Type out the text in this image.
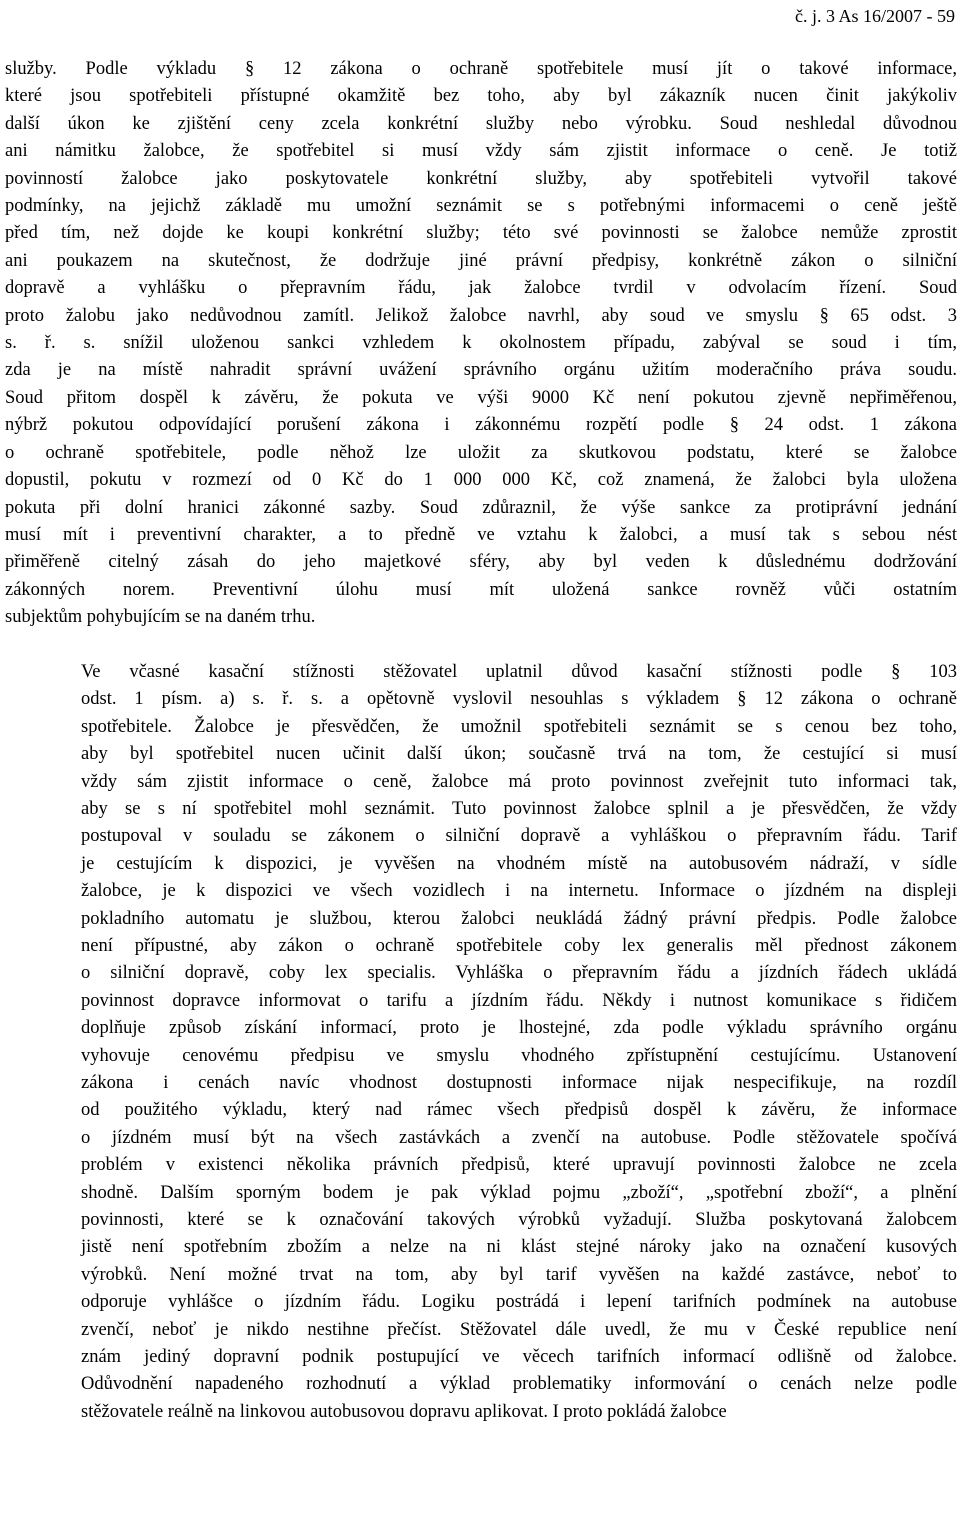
č. j. 3 As 16/2007 - 59

služby. Podle výkladu § 12 zákona o ochraně spotřebitele musí jít o takové informace,
které jsou spotřebiteli přístupné okamžitě bez toho, aby byl zákazník nucen činit jakýkoliv
další úkon ke zjištění ceny zcela konkrétní služby nebo výrobku. Soud neshledal důvodnou
ani námitku žalobce, že spotřebitel si musí vždy sám zjistit informace o ceně. Je totiž
povinností žalobce jako poskytovatele konkrétní služby, aby spotřebiteli vytvořil takové
podmínky, na jejichž základě mu umožní seznámit se s potřebnými informacemi o ceně ještě
před tím, než dojde ke koupi konkrétní služby; této své povinnosti se žalobce nemůže zprostit
ani poukazem na skutečnost, že dodržuje jiné právní předpisy, konkrétně zákon o silniční
dopravě a vyhlášku o přepravním řádu, jak žalobce tvrdil v odvolacím řízení. Soud
proto žalobu jako nedůvodnou zamítl. Jelikož žalobce navrhl, aby soud ve smyslu § 65 odst. 3
s. ř. s. snížil uloženou sankci vzhledem k okolnostem případu, zabýval se soud i tím,
zda je na místě nahradit správní uvážení správního orgánu užitím moderačního práva soudu.
Soud přitom dospěl k závěru, že pokuta ve výši 9000 Kč není pokutou zjevně nepřiměřenou,
nýbrž pokutou odpovídající porušení zákona i zákonnému rozpětí podle § 24 odst. 1 zákona
o ochraně spotřebitele, podle něhož lze uložit za skutkovou podstatu, které se žalobce
dopustil, pokutu v rozmezí od 0 Kč do 1 000 000 Kč, což znamená, že žalobci byla uložena
pokuta při dolní hranici zákonné sazby. Soud zdůraznil, že výše sankce za protiprávní jednání
musí mít i preventivní charakter, a to předně ve vztahu k žalobci, a musí tak s sebou nést
přiměřeně citelný zásah do jeho majetkové sféry, aby byl veden k důslednému dodržování
zákonných norem. Preventivní úlohu musí mít uložená sankce rovněž vůči ostatním
subjektům pohybujícím se na daném trhu.

Ve včasné kasační stížnosti stěžovatel uplatnil důvod kasační stížnosti podle § 103
odst. 1 písm. a) s. ř. s. a opětovně vyslovil nesouhlas s výkladem § 12 zákona o ochraně
spotřebitele. Žalobce je přesvědčen, že umožnil spotřebiteli seznámit se s cenou bez toho,
aby byl spotřebitel nucen učinit další úkon; současně trvá na tom, že cestující si musí
vždy sám zjistit informace o ceně, žalobce má proto povinnost zveřejnit tuto informaci tak,
aby se s ní spotřebitel mohl seznámit. Tuto povinnost žalobce splnil a je přesvědčen, že vždy
postupoval v souladu se zákonem o silniční dopravě a vyhláškou o přepravním řádu. Tarif
je cestujícím k dispozici, je vyvěšen na vhodném místě na autobusovém nádraží, v sídle
žalobce, je k dispozici ve všech vozidlech i na internetu. Informace o jízdném na displeji
pokladního automatu je službou, kterou žalobci neukládá žádný právní předpis. Podle žalobce
není přípustné, aby zákon o ochraně spotřebitele coby lex generalis měl přednost zákonem
o silniční dopravě, coby lex specialis. Vyhláška o přepravním řádu a jízdních řádech ukládá
povinnost dopravce informovat o tarifu a jízdním řádu. Někdy i nutnost komunikace s řidičem
doplňuje způsob získání informací, proto je lhostejné, zda podle výkladu správního orgánu
vyhovuje cenovému předpisu ve smyslu vhodného zpřístupnění cestujícímu. Ustanovení
zákona i cenách navíc vhodnost dostupnosti informace nijak nespecifikuje, na rozdíl
od použitého výkladu, který nad rámec všech předpisů dospěl k závěru, že informace
o jízdném musí být na všech zastávkách a zvenčí na autobuse. Podle stěžovatele spočívá
problém v existenci několika právních předpisů, které upravují povinnosti žalobce ne zcela
shodně. Dalším sporným bodem je pak výklad pojmu „zboží“, „spotřební zboží“, a plnění
povinnosti, které se k označování takových výrobků vyžadují. Služba poskytovaná žalobcem
jistě není spotřebním zbožím a nelze na ni klást stejné nároky jako na označení kusových
výrobků. Není možné trvat na tom, aby byl tarif vyvěšen na každé zastávce, neboť to
odporuje vyhlášce o jízdním řádu. Logiku postrádá i lepení tarifních podmínek na autobuse
zvenčí, neboť je nikdo nestihne přečíst. Stěžovatel dále uvedl, že mu v České republice není
znám jediný dopravní podnik postupující ve věcech tarifních informací odlišně od žalobce.
Odůvodnění napadeného rozhodnutí a výklad problematiky informování o cenách nelze podle
stěžovatele reálně na linkovou autobusovou dopravu aplikovat. I proto pokládá žalobce
